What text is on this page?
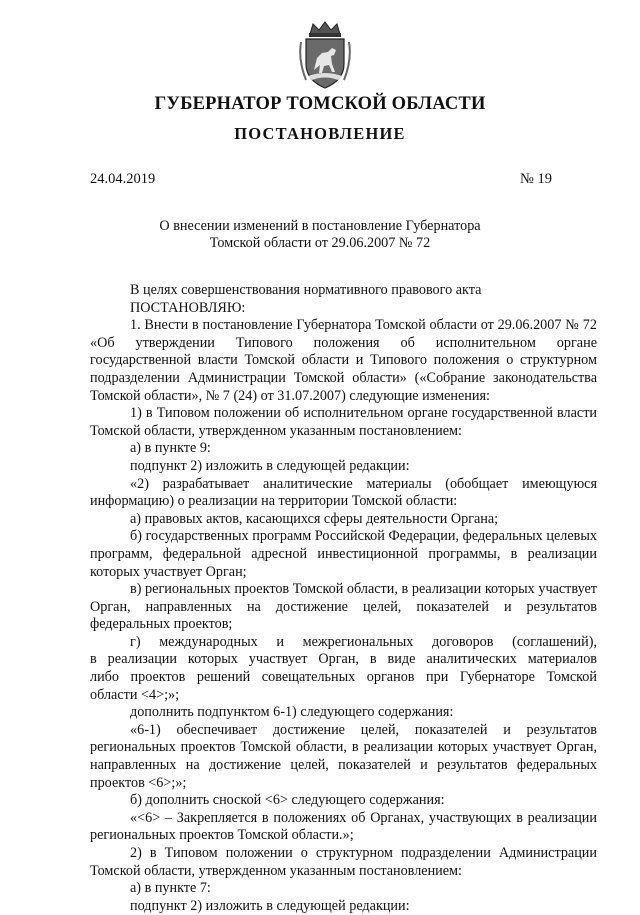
ГУБЕРНАТОР ТОМСКОЙ ОБЛАСТИ
ПОСТАНОВЛЕНИЕ
24.04.2019	№ 19
О внесении изменений в постановление Губернатора
Томской области от 29.06.2007 № 72
В целях совершенствования нормативного правового акта
ПОСТАНОВЛЯЮ:
1. Внести в постановление Губернатора Томской области от 29.06.2007 № 72
«Об утверждении Типового положения об исполнительном органе
государственной власти Томской области и Типового положения о структурном
подразделении Администрации Томской области» («Собрание законодательства
Томской области», № 7 (24) от 31.07.2007) следующие изменения:
1) в Типовом положении об исполнительном органе государственной власти
Томской области, утвержденном указанным постановлением:
а) в пункте 9:
подпункт 2) изложить в следующей редакции:
«2) разрабатывает аналитические материалы (обобщает имеющуюся
информацию) о реализации на территории Томской области:
а) правовых актов, касающихся сферы деятельности Органа;
б) государственных программ Российской Федерации, федеральных целевых
программ, федеральной адресной инвестиционной программы, в реализации
которых участвует Орган;
в) региональных проектов Томской области, в реализации которых участвует
Орган, направленных на достижение целей, показателей и результатов
федеральных проектов;
г) международных и межрегиональных договоров (соглашений),
в реализации которых участвует Орган, в виде аналитических материалов
либо проектов решений совещательных органов при Губернаторе Томской
области <4>;»;
дополнить подпунктом 6-1) следующего содержания:
«6-1) обеспечивает достижение целей, показателей и результатов
региональных проектов Томской области, в реализации которых участвует Орган,
направленных на достижение целей, показателей и результатов федеральных
проектов <6>;»;
б) дополнить сноской <6> следующего содержания:
«<6> – Закрепляется в положениях об Органах, участвующих в реализации
региональных проектов Томской области.»;
2) в Типовом положении о структурном подразделении Администрации
Томской области, утвержденном указанным постановлением:
а) в пункте 7:
подпункт 2) изложить в следующей редакции:
